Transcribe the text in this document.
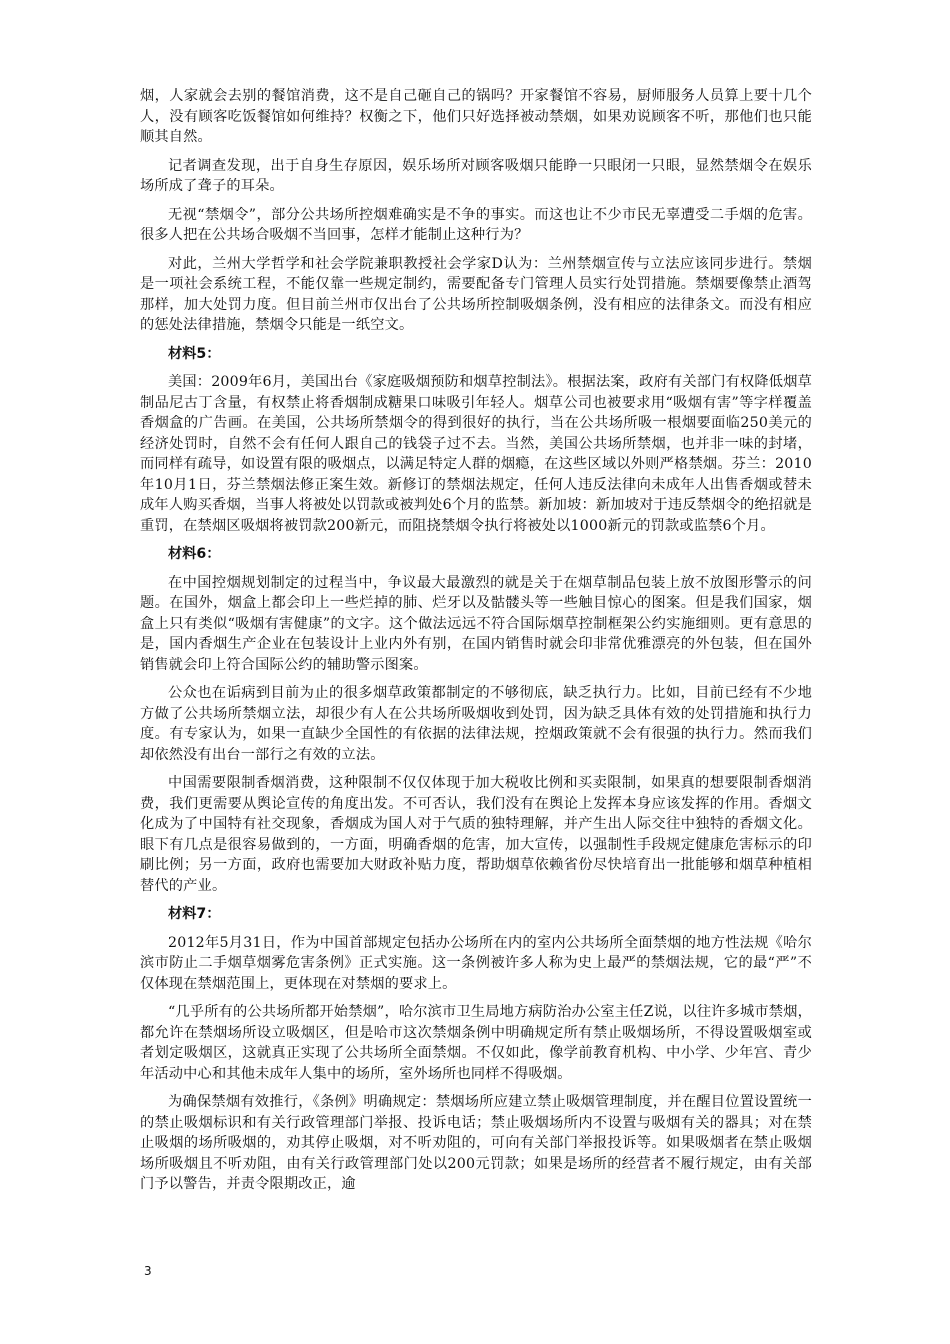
烟，人家就会去别的餐馆消费，这不是自己砸自己的锅吗？开家餐馆不容易，厨师服务人员算上要十几个人，没有顾客吃饭餐馆如何维持？权衡之下，他们只好选择被动禁烟，如果劝说顾客不听，那他们也只能顺其自然。

记者调查发现，出于自身生存原因，娱乐场所对顾客吸烟只能睁一只眼闭一只眼，显然禁烟令在娱乐场所成了聋子的耳朵。

无视“禁烟令”，部分公共场所控烟难确实是不争的事实。而这也让不少市民无辜遭受二手烟的危害。很多人把在公共场合吸烟不当回事，怎样才能制止这种行为？

对此，兰州大学哲学和社会学院兼职教授社会学家D认为：兰州禁烟宣传与立法应该同步进行。禁烟是一项社会系统工程，不能仅靠一些规定制约，需要配备专门管理人员实行处罚措施。禁烟要像禁止酒驾那样，加大处罚力度。但目前兰州市仅出台了公共场所控制吸烟条例，没有相应的法律条文。而没有相应的惩处法律措施，禁烟令只能是一纸空文。

材料5：

美国：2009年6月，美国出台《家庭吸烟预防和烟草控制法》。根据法案，政府有关部门有权降低烟草制品尼古丁含量，有权禁止将香烟制成糖果口味吸引年轻人。烟草公司也被要求用“吸烟有害”等字样覆盖香烟盒的广告画。在美国，公共场所禁烟令的得到很好的执行，当在公共场所吸一根烟要面临250美元的经济处罚时，自然不会有任何人跟自己的钱袋子过不去。当然，美国公共场所禁烟，也并非一味的封堵，而同样有疏导，如设置有限的吸烟点，以满足特定人群的烟瘾，在这些区域以外则严格禁烟。芬兰：2010年10月1日，芬兰禁烟法修正案生效。新修订的禁烟法规定，任何人违反法律向未成年人出售香烟或替未成年人购买香烟，当事人将被处以罚款或被判处6个月的监禁。新加坡：新加坡对于违反禁烟令的绝招就是重罚，在禁烟区吸烟将被罚款200新元，而阻挠禁烟令执行将被处以1000新元的罚款或监禁6个月。

材料6：

在中国控烟规划制定的过程当中，争议最大最激烈的就是关于在烟草制品包装上放不放图形警示的问题。在国外，烟盒上都会印上一些烂掉的肺、烂牙以及骷髅头等一些触目惊心的图案。但是我们国家，烟盒上只有类似“吸烟有害健康”的文字。这个做法远远不符合国际烟草控制框架公约实施细则。更有意思的是，国内香烟生产企业在包装设计上业内外有别，在国内销售时就会印非常优雅漂亮的外包装，但在国外销售就会印上符合国际公约的辅助警示图案。

公众也在诟病到目前为止的很多烟草政策都制定的不够彻底，缺乏执行力。比如，目前已经有不少地方做了公共场所禁烟立法，却很少有人在公共场所吸烟收到处罚，因为缺乏具体有效的处罚措施和执行力度。有专家认为，如果一直缺少全国性的有依据的法律法规，控烟政策就不会有很强的执行力。然而我们却依然没有出台一部行之有效的立法。

中国需要限制香烟消费，这种限制不仅仅体现于加大税收比例和买卖限制，如果真的想要限制香烟消费，我们更需要从舆论宣传的角度出发。不可否认，我们没有在舆论上发挥本身应该发挥的作用。香烟文化成为了中国特有社交现象，香烟成为国人对于气质的独特理解，并产生出人际交往中独特的香烟文化。眼下有几点是很容易做到的，一方面，明确香烟的危害，加大宣传，以强制性手段规定健康危害标示的印刷比例；另一方面，政府也需要加大财政补贴力度，帮助烟草依赖省份尽快培育出一批能够和烟草种植相替代的产业。

材料7：

2012年5月31日，作为中国首部规定包括办公场所在内的室内公共场所全面禁烟的地方性法规《哈尔滨市防止二手烟草烟雾危害条例》正式实施。这一条例被许多人称为史上最严的禁烟法规，它的最“严”不仅体现在禁烟范围上，更体现在对禁烟的要求上。

“几乎所有的公共场所都开始禁烟”，哈尔滨市卫生局地方病防治办公室主任Z说，以往许多城市禁烟，都允许在禁烟场所设立吸烟区，但是哈市这次禁烟条例中明确规定所有禁止吸烟场所，不得设置吸烟室或者划定吸烟区，这就真正实现了公共场所全面禁烟。不仅如此，像学前教育机构、中小学、少年宫、青少年活动中心和其他未成年人集中的场所，室外场所也同样不得吸烟。

为确保禁烟有效推行，《条例》明确规定：禁烟场所应建立禁止吸烟管理制度，并在醒目位置设置统一的禁止吸烟标识和有关行政管理部门举报、投诉电话；禁止吸烟场所内不设置与吸烟有关的器具；对在禁止吸烟的场所吸烟的，劝其停止吸烟，对不听劝阻的，可向有关部门举报投诉等。如果吸烟者在禁止吸烟场所吸烟且不听劝阻，由有关行政管理部门处以200元罚款；如果是场所的经营者不履行规定，由有关部门予以警告，并责令限期改正，逾

3
